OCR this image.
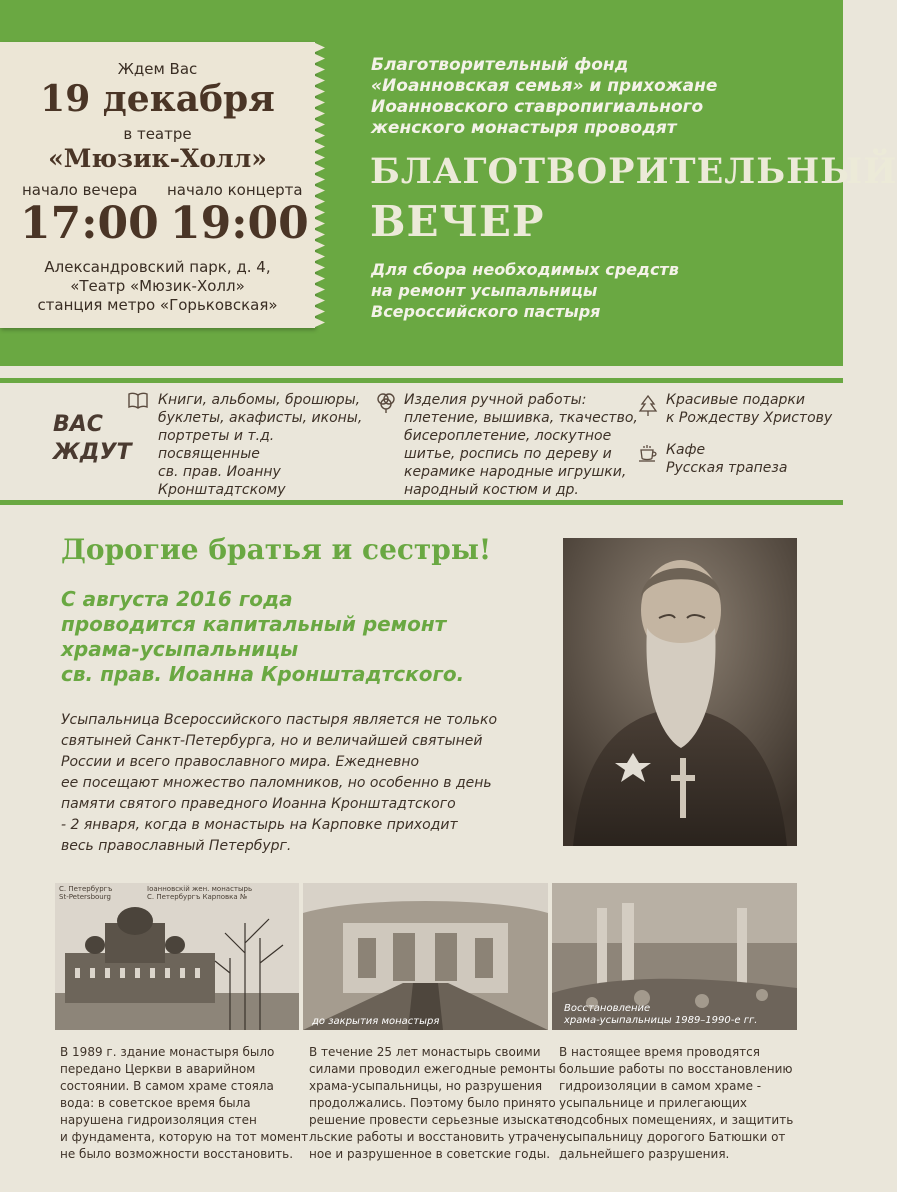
Ждем Вас
19 декабря
в театре
«Мюзик-Холл»
начало вечера начало концерта
17:00 19:00
Александровский парк, д. 4,
«Театр «Мюзик-Холл»
станция метро «Горьковская»
Благотворительный фонд
«Иоанновская семья» и прихожане
Иоанновского ставропигиального
женского монастыря проводят
БЛАГОТВОРИТЕЛЬНЫЙ
ВЕЧЕР
Для сбора необходимых средств
на ремонт усыпальницы
Всероссийского пастыря
ВАС
ЖДУТ
Книги, альбомы, брошюры,
буклеты, акафисты, иконы,
портреты и т.д.
посвященные
св. прав. Иоанну
Кронштадтскому
Изделия ручной работы:
плетение, вышивка, ткачество,
бисероплетение, лоскутное
шитье, роспись по дереву и
керамике народные игрушки,
народный костюм и др.
Красивые подарки
к Рождеству Христову
Кафе
Русская трапеза
Дорогие братья и сестры!
С августа 2016 года
проводится капитальный ремонт
храма-усыпальницы
св. прав. Иоанна Кронштадтского.
Усыпальница Всероссийского пастыря является не только
святыней Санкт-Петербурга, но и величайшей святыней
России и всего православного мира. Ежедневно
ее посещают множество паломников, но особенно в день
памяти святого праведного Иоанна Кронштадтского
- 2 января, когда в монастырь на Карповке приходит
весь православный Петербург.
С. Петербургъ
St-Petersbourg
Іоанновскій жен. монастырь
С. Петербургъ Карповка №
до закрытия монастыря
Восстановление
храма-усыпальницы 1989–1990-е гг.
В 1989 г. здание монастыря было
передано Церкви в аварийном
состоянии. В самом храме стояла
вода: в советское время была
нарушена гидроизоляция стен
и фундамента, которую на тот момент
не было возможности восстановить.
В течение 25 лет монастырь своими
силами проводил ежегодные ремонты
храма-усыпальницы, но разрушения
продолжались. Поэтому было принято
решение провести серьезные изыскате-
льские работы и восстановить утрачен-
ное и разрушенное в советские годы.
В настоящее время проводятся
большие работы по восстановлению
гидроизоляции в самом храме -
усыпальнице и прилегающих
подсобных помещениях, и защитить
усыпальницу дорогого Батюшки от
дальнейшего разрушения.
